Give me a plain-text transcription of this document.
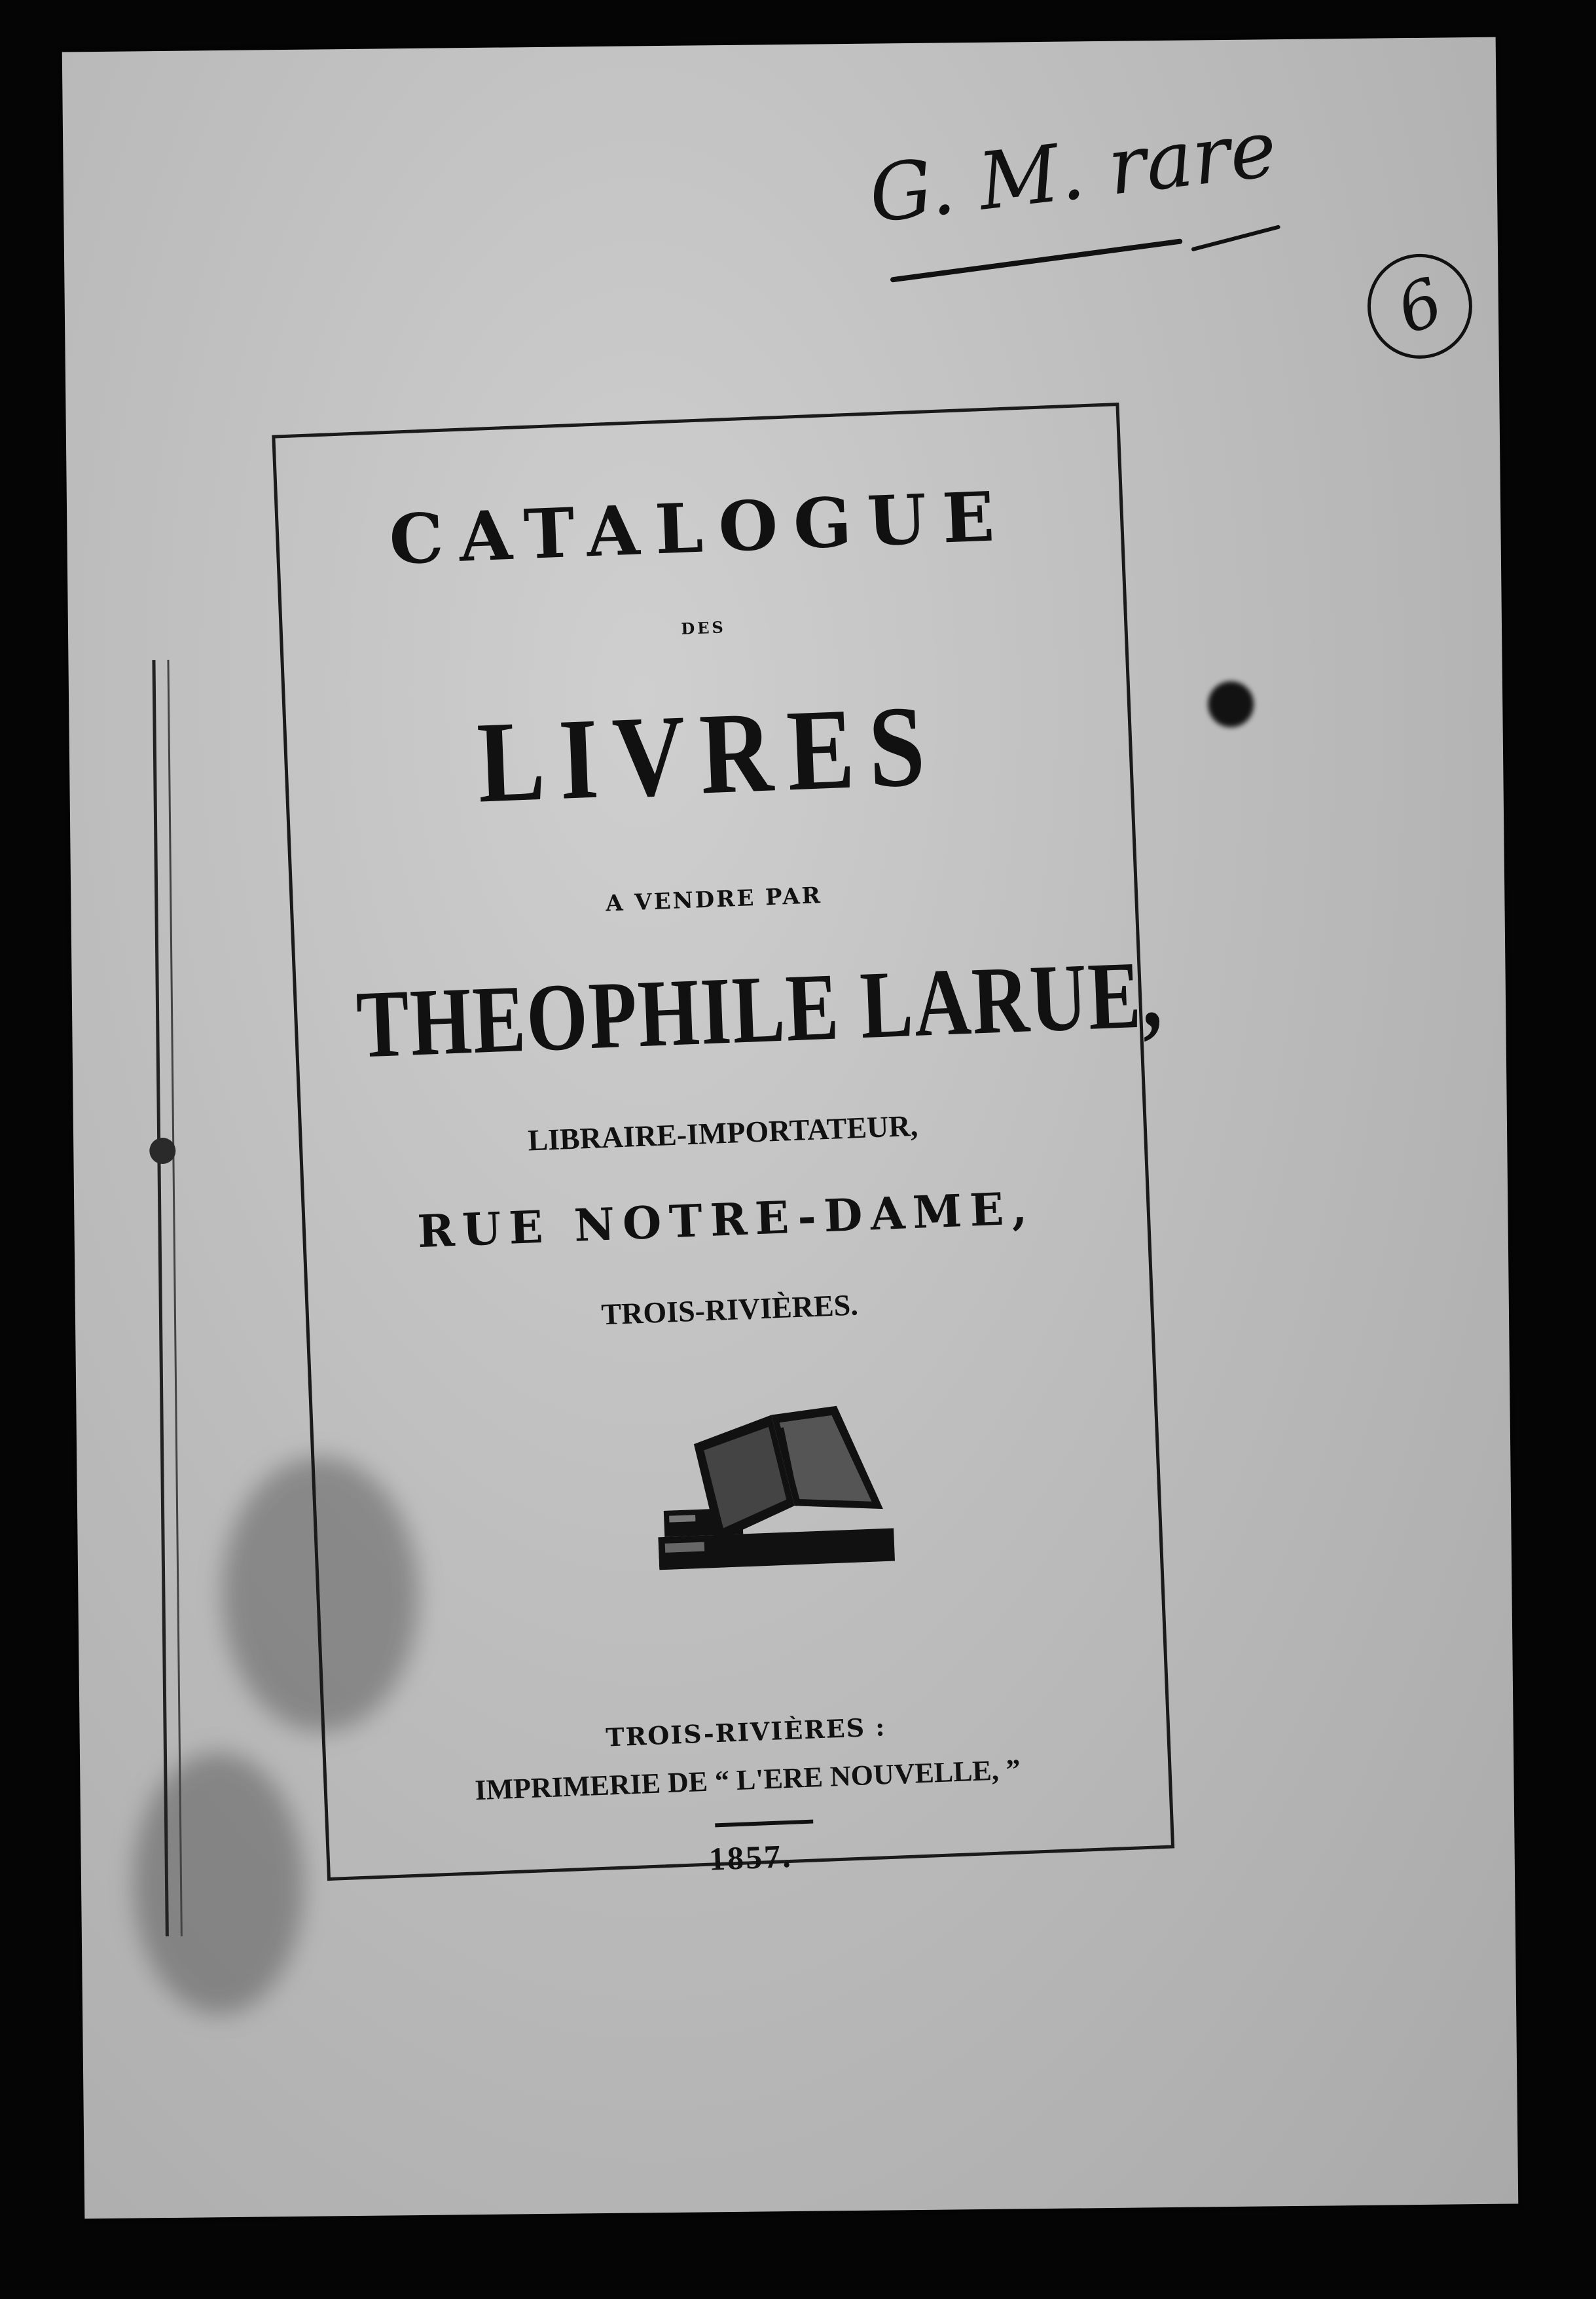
G. M. rare
6
CATALOGUE
DES
LIVRES
A VENDRE PAR
THEOPHILE LARUE,
LIBRAIRE-IMPORTATEUR,
RUE NOTRE-DAME,
TROIS-RIVIÈRES.
TROIS-RIVIÈRES :
IMPRIMERIE DE “ L'ERE NOUVELLE, ”
1857.
